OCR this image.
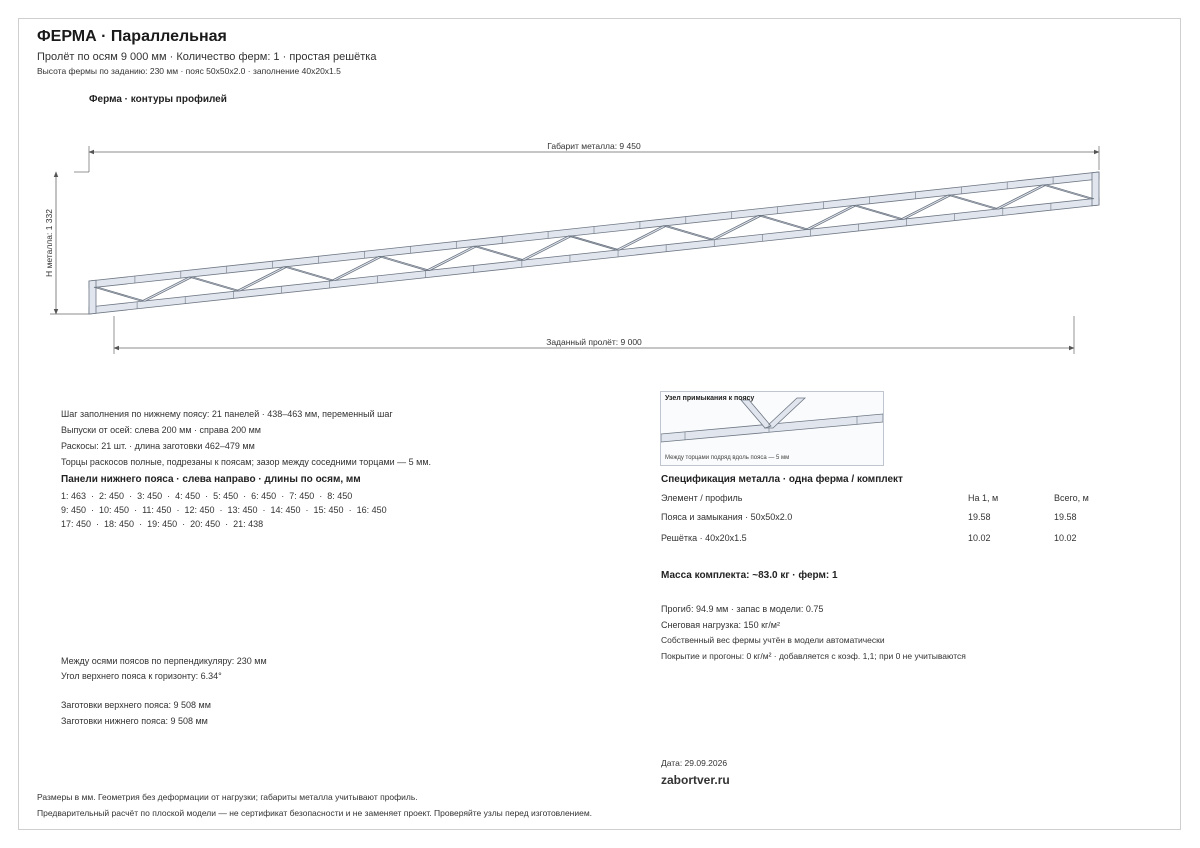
ФЕРМА · Параллельная
Пролёт по осям 9 000 мм · Количество ферм: 1 · простая решётка
Высота фермы по заданию: 230 мм · пояс 50x50x2.0 · заполнение 40x20x1.5
Ферма · контуры профилей
Габарит металла: 9 450
Н металла: 1 332
Заданный пролёт: 9 000
Узел примыкания к поясу
Между торцами подряд вдоль пояса — 5 мм
Шаг заполнения по нижнему поясу: 21 панелей · 438–463 мм, переменный шаг
Выпуски от осей: слева 200 мм · справа 200 мм
Раскосы: 21 шт. · длина заготовки 462–479 мм
Торцы раскосов полные, подрезаны к поясам; зазор между соседними торцами — 5 мм.
Панели нижнего пояса · слева направо · длины по осям, мм
1: 463  ·  2: 450  ·  3: 450  ·  4: 450  ·  5: 450  ·  6: 450  ·  7: 450  ·  8: 450
9: 450  ·  10: 450  ·  11: 450  ·  12: 450  ·  13: 450  ·  14: 450  ·  15: 450  ·  16: 450
17: 450  ·  18: 450  ·  19: 450  ·  20: 450  ·  21: 438
Между осями поясов по перпендикуляру: 230 мм
Угол верхнего пояса к горизонту: 6.34°
Заготовки верхнего пояса: 9 508 мм
Заготовки нижнего пояса: 9 508 мм
Спецификация металла · одна ферма / комплект
Элемент / профиль	На 1, м	Всего, м
Пояса и замыкания · 50x50x2.0	19.58	19.58
Решётка · 40x20x1.5	10.02	10.02
Масса комплекта: ~83.0 кг · ферм: 1
Прогиб: 94.9 мм · запас в модели: 0.75
Снеговая нагрузка: 150 кг/м²
Собственный вес фермы учтён в модели автоматически
Покрытие и прогоны: 0 кг/м² · добавляется с коэф. 1,1; при 0 не учитываются
Дата: 29.09.2026
zabortver.ru
Размеры в мм. Геометрия без деформации от нагрузки; габариты металла учитывают профиль.
Предварительный расчёт по плоской модели — не сертификат безопасности и не заменяет проект. Проверяйте узлы перед изготовлением.
